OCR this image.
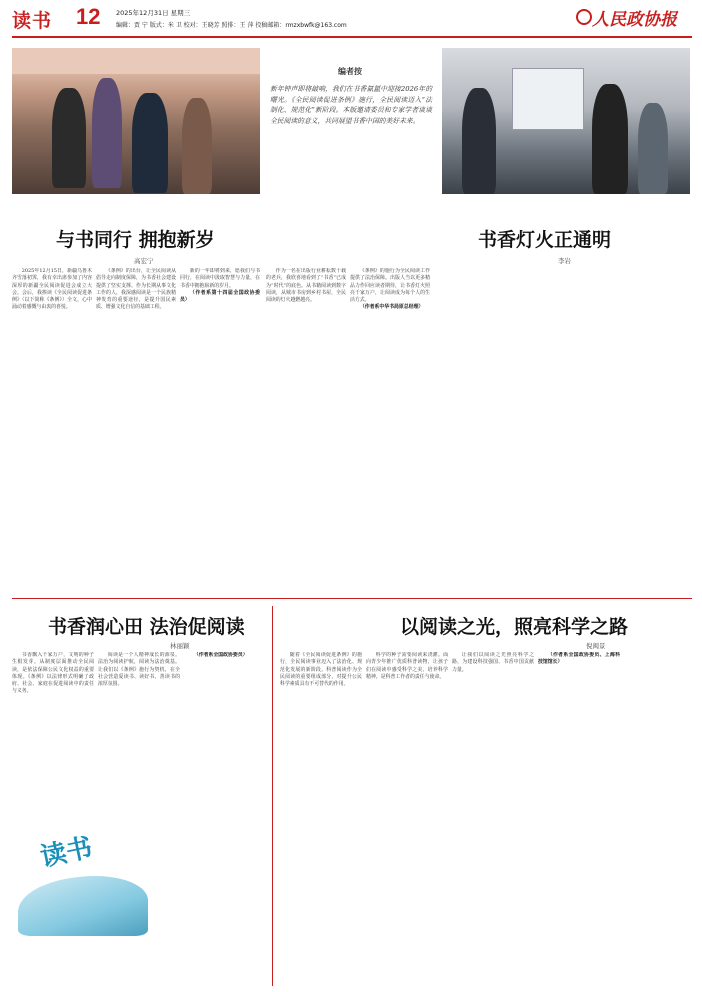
读书 12 2025年12月31日 星期三
编辑：贾 宁 版式：米 卫 校对：王晓芳 照排：王 萍 投稿邮箱：rmzxbwfk@163.com	人民政协报
编者按
新年钟声即将敲响，我们在书香氤氲中迎接2026年的曙光。《全民阅读促进条例》施行，全民阅读迈入“法制化、规范化”新阶段。本版邀请委员和专家学者谈谈全民阅读的意义，共同展望书香中国的美好未来。
与书同行 拥抱新岁
高宏宁

2025年12月15日，新疆乌鲁木齐雪落初霁，我有幸出席参加了内容深厚的新疆全民阅读促进会成立大会。会后，我捧读《全民阅读促进条例》（以下简称《条例》）全文，心中涌动着感慨与由衷的喜悦。

《条例》的出台，让全民阅读从倡导走向制度保障，为书香社会建设提供了坚实支撑。作为长期从事文化工作的人，我深感阅读是一个民族精神发育的重要途径，是提升国民素质、增强文化自信的基础工程。

新的一年即将到来，愿我们与书同行，在阅读中汲取智慧与力量，在书香中拥抱崭新的岁月。

（作者系第十四届全国政协委员）

书香灯火正通明
李岩

作为一名在出版行业耕耘数十载的老兵，我欣喜地看到了“书香”已成为“时代”的底色。从书籍阅读到数字阅读，从城市书房到乡村书屋，全民阅读的灯火越燃越亮。

《条例》的施行为全民阅读工作提供了法治保障。出版人当以更多精品力作回应读者期待，让书香灯火照亮千家万户，让阅读成为每个人的生活方式。

（作者系中华书局原总经理）

书香润心田 法治促阅读
林丽颖

书香飘入千家万户，文明的种子生根发芽。从制度层面推动全民阅读，是依法保障公民文化权益的重要体现。《条例》以法律形式明确了政府、社会、家庭在促进阅读中的责任与义务。

阅读是一个人精神成长的源泉。法治为阅读护航，阅读为法治奠基。让我们以《条例》施行为契机，在全社会营造爱读书、读好书、善读书的浓厚氛围。

（作者系全国政协委员）

读书
以阅读之光，照亮科学之路
倪闽景

随着《全民阅读促进条例》的施行，全民阅读事业迈入了法治化、规范化发展的新阶段。科普阅读作为全民阅读的重要组成部分，对提升公民科学素质具有不可替代的作用。

科学的种子需要阅读来浇灌。面向青少年推广优质科普读物，让孩子们在阅读中感受科学之美、培养科学精神，是科普工作者的责任与使命。

让我们以阅读之光照亮科学之路，为建设科技强国、书香中国贡献力量。

（作者系全国政协委员、上海科技馆馆长）
